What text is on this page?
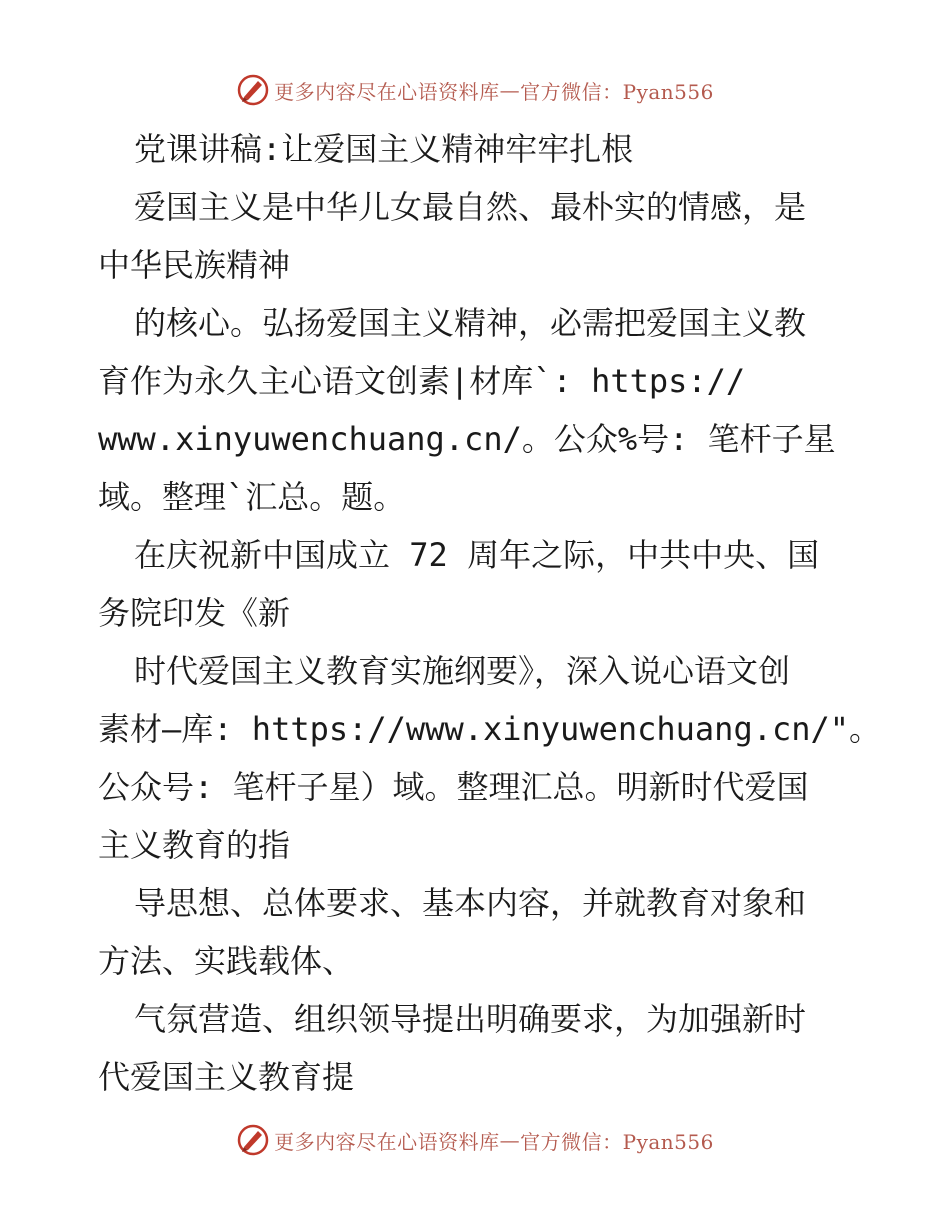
更多内容尽在心语资料库 — 官方微信：Pyan556
党课讲稿:让爱国主义精神牢牢扎根
爱国主义是中华儿女最自然、最朴实的情感，是
中华民族精神
的核心。弘扬爱国主义精神，必需把爱国主义教
育作为永久主心语文创素|材库`: https://
www.xinyuwenchuang.cn/。公众%号: 笔杆子星
域。整理`汇总。题。
在庆祝新中国成立 72 周年之际，中共中央、国
务院印发《新
时代爱国主义教育实施纲要》，深入说心语文创
素材—库: https://www.xinyuwenchuang.cn/"。
公众号: 笔杆子星）域。整理汇总。明新时代爱国
主义教育的指
导思想、总体要求、基本内容，并就教育对象和
方法、实践载体、
气氛营造、组织领导提出明确要求，为加强新时
代爱国主义教育提
更多内容尽在心语资料库 — 官方微信：Pyan556
